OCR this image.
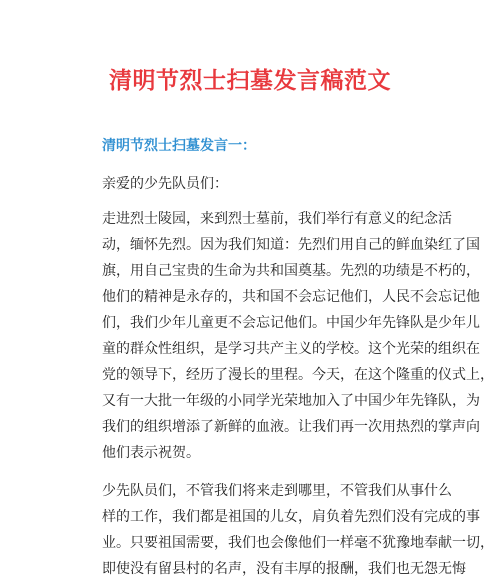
清明节烈士扫墓发言稿范文

清明节烈士扫墓发言一：

亲爱的少先队员们：

走进烈士陵园，来到烈士墓前，我们举行有意义的纪念活
动，缅怀先烈。因为我们知道：先烈们用自己的鲜血染红了国
旗，用自己宝贵的生命为共和国奠基。先烈的功绩是不朽的，
他们的精神是永存的，共和国不会忘记他们，人民不会忘记他
们，我们少年儿童更不会忘记他们。中国少年先锋队是少年儿
童的群众性组织，是学习共产主义的学校。这个光荣的组织在
党的领导下，经历了漫长的里程。今天，在这个隆重的仪式上，
又有一大批一年级的小同学光荣地加入了中国少年先锋队，为
我们的组织增添了新鲜的血液。让我们再一次用热烈的掌声向
他们表示祝贺。
少先队员们，不管我们将来走到哪里，不管我们从事什么
样的工作，我们都是祖国的儿女，肩负着先烈们没有完成的事
业。只要祖国需要，我们也会像他们一样毫不犹豫地奉献一切，
即使没有留县村的名声，没有丰厚的报酬，我们也无怨无悔
